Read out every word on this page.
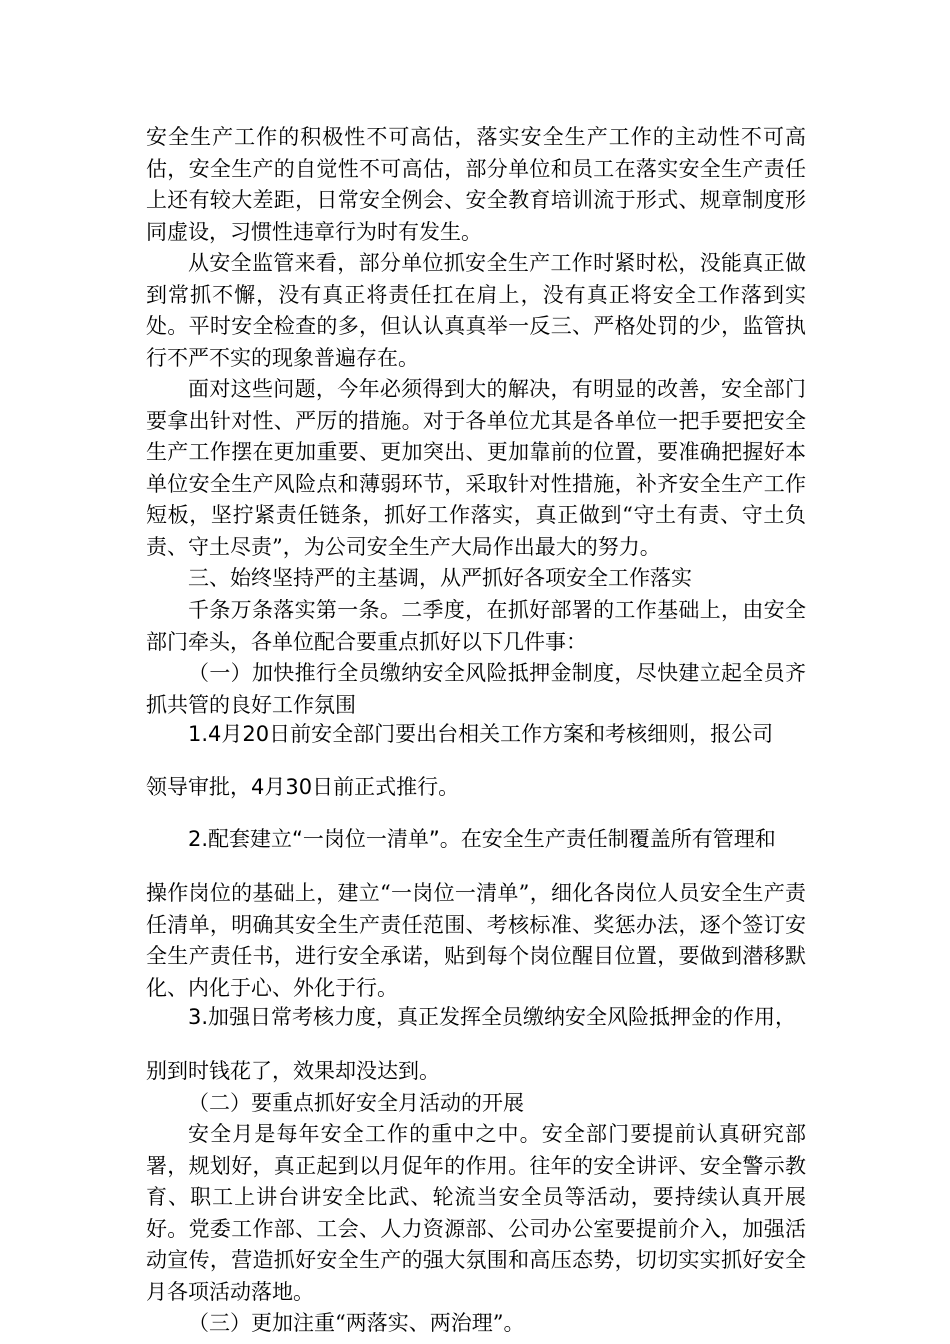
安全生产工作的积极性不可高估，落实安全生产工作的主动性不可高估，安全生产的自觉性不可高估，部分单位和员工在落实安全生产责任上还有较大差距，日常安全例会、安全教育培训流于形式、规章制度形同虚设，习惯性违章行为时有发生。

从安全监管来看，部分单位抓安全生产工作时紧时松，没能真正做到常抓不懈，没有真正将责任扛在肩上，没有真正将安全工作落到实处。平时安全检查的多，但认认真真举一反三、严格处罚的少，监管执行不严不实的现象普遍存在。

面对这些问题，今年必须得到大的解决，有明显的改善，安全部门要拿出针对性、严厉的措施。对于各单位尤其是各单位一把手要把安全生产工作摆在更加重要、更加突出、更加靠前的位置，要准确把握好本单位安全生产风险点和薄弱环节，采取针对性措施，补齐安全生产工作短板，坚拧紧责任链条，抓好工作落实，真正做到“守土有责、守土负责、守土尽责”，为公司安全生产大局作出最大的努力。

三、始终坚持严的主基调，从严抓好各项安全工作落实

千条万条落实第一条。二季度，在抓好部署的工作基础上，由安全部门牵头，各单位配合要重点抓好以下几件事：

（一）加快推行全员缴纳安全风险抵押金制度，尽快建立起全员齐抓共管的良好工作氛围

1.4月20日前安全部门要出台相关工作方案和考核细则，报公司

领导审批，4月30日前正式推行。

2.配套建立“一岗位一清单”。在安全生产责任制覆盖所有管理和

操作岗位的基础上，建立“一岗位一清单”，细化各岗位人员安全生产责任清单，明确其安全生产责任范围、考核标准、奖惩办法，逐个签订安全生产责任书，进行安全承诺，贴到每个岗位醒目位置，要做到潜移默化、内化于心、外化于行。

3.加强日常考核力度，真正发挥全员缴纳安全风险抵押金的作用，

别到时钱花了，效果却没达到。

（二）要重点抓好安全月活动的开展

安全月是每年安全工作的重中之中。安全部门要提前认真研究部署，规划好，真正起到以月促年的作用。往年的安全讲评、安全警示教育、职工上讲台讲安全比武、轮流当安全员等活动，要持续认真开展好。党委工作部、工会、人力资源部、公司办公室要提前介入，加强活动宣传，营造抓好安全生产的强大氛围和高压态势，切切实实抓好安全月各项活动落地。

（三）更加注重“两落实、两治理”。
